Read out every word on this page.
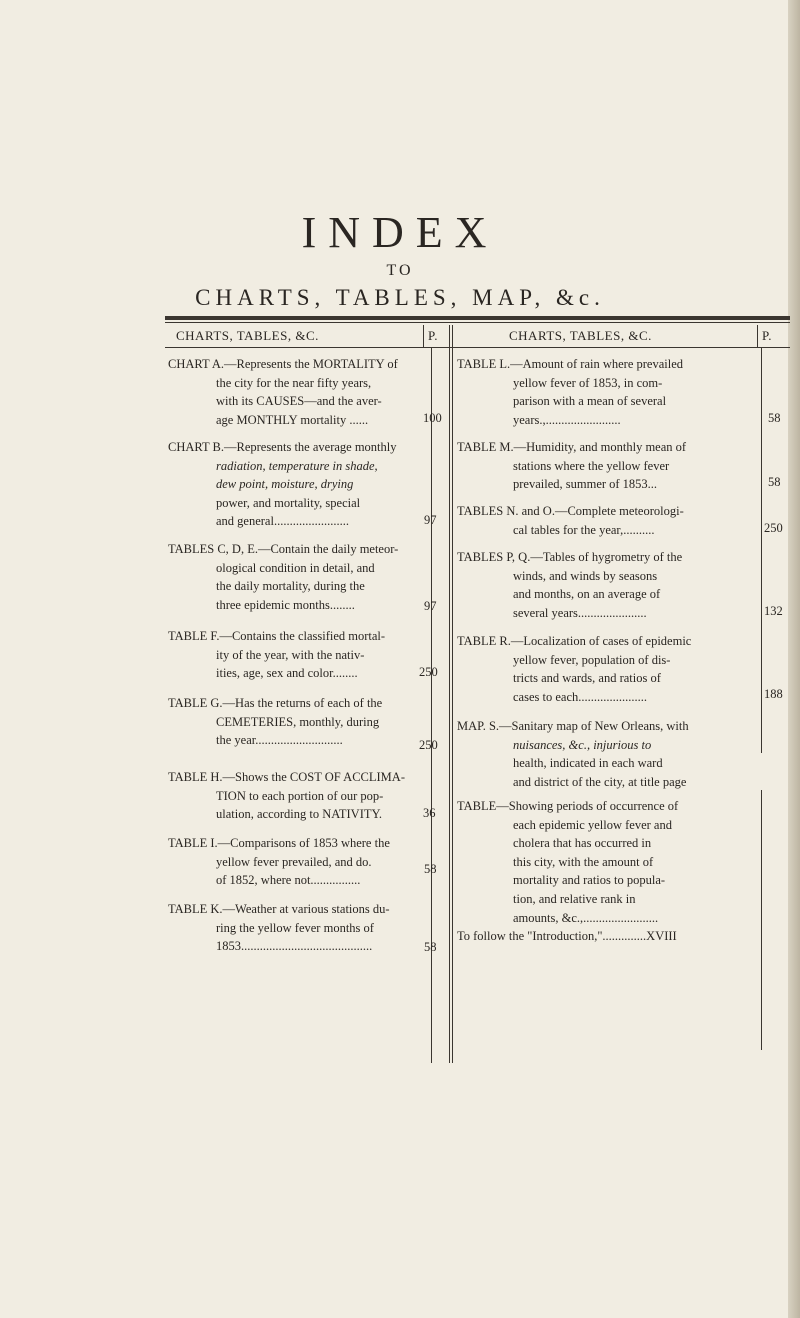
INDEX
TO
CHARTS, TABLES, MAP, &c.
CHARTS, TABLES, &C.	P.	CHARTS, TABLES, &C.	P.
CHART A.—Represents the MORTALITY of
the city for the near fifty years,
with its CAUSES—and the aver-
age MONTHLY mortality ......	100
CHART B.—Represents the average monthly
radiation, temperature in shade,
dew point, moisture, drying
power, and mortality, special
and general........................	97
TABLES C, D, E.—Contain the daily meteor-
ological condition in detail, and
the daily mortality, during the
three epidemic months........	97
TABLE F.—Contains the classified mortal-
ity of the year, with the nativ-
ities, age, sex and color........	250
TABLE G.—Has the returns of each of the
CEMETERIES, monthly, during
the year............................	250
TABLE H.—Shows the COST OF ACCLIMA-
TION to each portion of our pop-
ulation, according to NATIVITY.	36
TABLE I.—Comparisons of 1853 where the
yellow fever prevailed, and do.
of 1852, where not................
58
TABLE K.—Weather at various stations du-
ring the yellow fever months of
1853..........................................	58
TABLE L.—Amount of rain where prevailed
yellow fever of 1853, in com-
parison with a mean of several
years.,........................	58
TABLE M.—Humidity, and monthly mean of
stations where the yellow fever
prevailed, summer of 1853...	58
TABLES N. and O.—Complete meteorologi-
cal tables for the year,..........	250
TABLES P, Q.—Tables of hygrometry of the
winds, and winds by seasons
and months, on an average of
several years......................	132
TABLE R.—Localization of cases of epidemic
yellow fever, population of dis-
tricts and wards, and ratios of
cases to each......................	188
MAP. S.—Sanitary map of New Orleans, with
nuisances, &c., injurious to
health, indicated in each ward
and district of the city, at title page
TABLE—Showing periods of occurrence of
each epidemic yellow fever and
cholera that has occurred in
this city, with the amount of
mortality and ratios to popula-
tion, and relative rank in
amounts, &c.,........................
To follow the "Introduction,"..............XVIII
